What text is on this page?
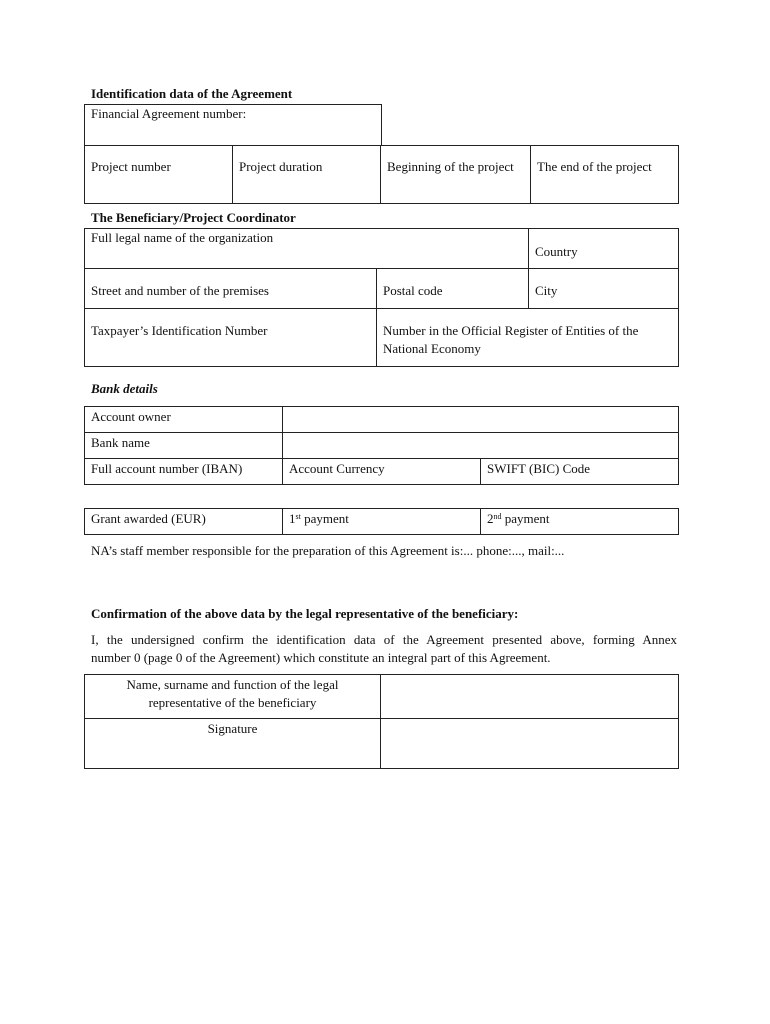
Identification data of the Agreement
Financial Agreement number:
Project number	Project duration	Beginning of the project	The end of the project
The Beneficiary/Project Coordinator
Full legal name of the organization		Country
Street and number of the premises	Postal code	City
Taxpayer’s Identification Number	Number in the Official Register of Entities of the National Economy	
Bank details
Account owner		
Bank name		
Full account number (IBAN)	Account Currency	SWIFT (BIC) Code
Grant awarded (EUR)	1st payment	2nd payment
NA’s staff member responsible for the preparation of this Agreement is:... phone:..., mail:...
Confirmation of the above data by the legal representative of the beneficiary:

I, the undersigned confirm the identification data of the Agreement presented above, forming Annex

number 0 (page 0 of the Agreement) which constitute an integral part of this Agreement.

Name, surname and function of the legal representative of the beneficiary	
Signature	
